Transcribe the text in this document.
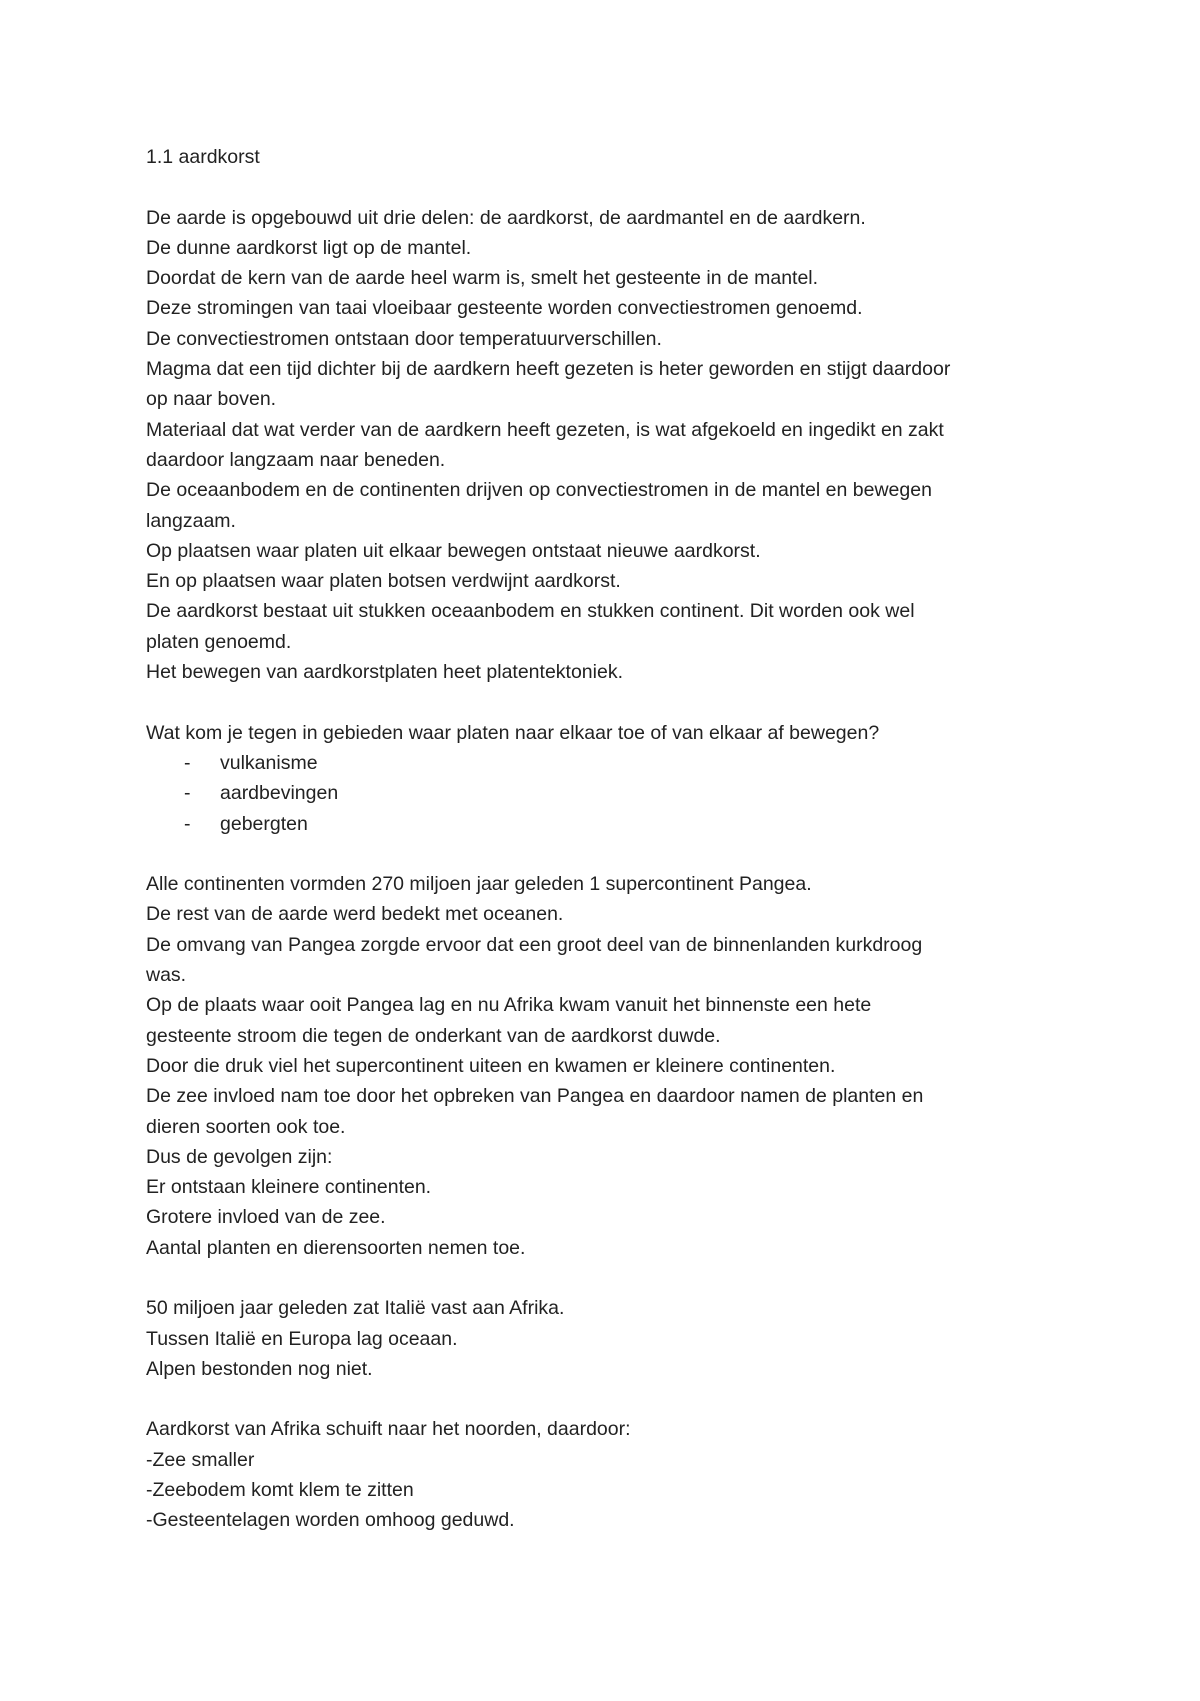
1.1 aardkorst
De aarde is opgebouwd uit drie delen: de aardkorst, de aardmantel en de aardkern.
De dunne aardkorst ligt op de mantel.
Doordat de kern van de aarde heel warm is, smelt het gesteente in de mantel.
Deze stromingen van taai vloeibaar gesteente worden convectiestromen genoemd.
De convectiestromen ontstaan door temperatuurverschillen.
Magma dat een tijd dichter bij de aardkern heeft gezeten is heter geworden en stijgt daardoor
op naar boven.
Materiaal dat wat verder van de aardkern heeft gezeten, is wat afgekoeld en ingedikt en zakt
daardoor langzaam naar beneden.
De oceaanbodem en de continenten drijven op convectiestromen in de mantel en bewegen
langzaam.
Op plaatsen waar platen uit elkaar bewegen ontstaat nieuwe aardkorst.
En op plaatsen waar platen botsen verdwijnt aardkorst.
De aardkorst bestaat uit stukken oceaanbodem en stukken continent. Dit worden ook wel
platen genoemd.
Het bewegen van aardkorstplaten heet platentektoniek.
Wat kom je tegen in gebieden waar platen naar elkaar toe of van elkaar af bewegen?
-	vulkanisme
-	aardbevingen
-	gebergten
Alle continenten vormden 270 miljoen jaar geleden 1 supercontinent Pangea.
De rest van de aarde werd bedekt met oceanen.
De omvang van Pangea zorgde ervoor dat een groot deel van de binnenlanden kurkdroog
was.
Op de plaats waar ooit Pangea lag en nu Afrika kwam vanuit het binnenste een hete
gesteente stroom die tegen de onderkant van de aardkorst duwde.
Door die druk viel het supercontinent uiteen en kwamen er kleinere continenten.
De zee invloed nam toe door het opbreken van Pangea en daardoor namen de planten en
dieren soorten ook toe.
Dus de gevolgen zijn:
Er ontstaan kleinere continenten.
Grotere invloed van de zee.
Aantal planten en dierensoorten nemen toe.
50 miljoen jaar geleden zat Italië vast aan Afrika.
Tussen Italië en Europa lag oceaan.
Alpen bestonden nog niet.
Aardkorst van Afrika schuift naar het noorden, daardoor:
-Zee smaller
-Zeebodem komt klem te zitten
-Gesteentelagen worden omhoog geduwd.
